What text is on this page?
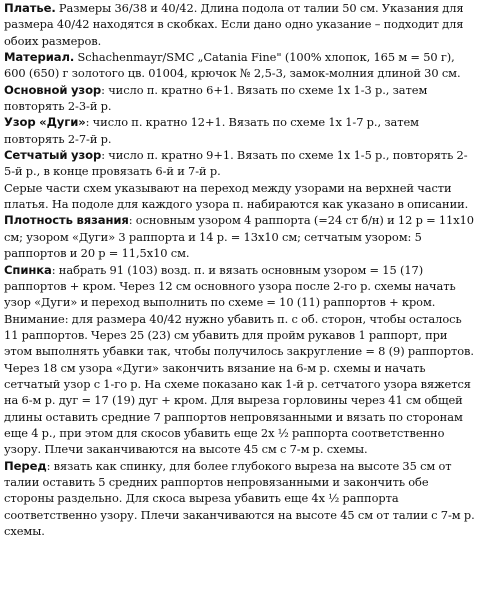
Платье. Размеры 36/38 и 40/42. Длина подола от талии 50 см. Указания для размера 40/42 находятся в скобках. Если дано одно указание – подходит для обоих размеров.

Материал. Schachenmayr/SMC „Catania Fine" (100% хлопок, 165 м = 50 г), 600 (650) г золотого цв. 01004, крючок № 2,5-3, замок-молния длиной 30 см.

Основной узор: число п. кратно 6+1. Вязать по схеме 1х 1-3 р., затем повторять 2-3-й р.

Узор «Дуги»: число п. кратно 12+1. Вязать по схеме 1х 1-7 р., затем повторять 2-7-й р.

Сетчатый узор: число п. кратно 9+1. Вязать по схеме 1х 1-5 р., повторять 2-5-й р., в конце провязать 6-й и 7-й р.

Серые части схем указывают на переход между узорами на верхней части платья. На подоле для каждого узора п. набираются как указано в описании.

Плотность вязания: основным узором 4 раппорта (=24 ст б/н) и 12 р = 11х10 см; узором «Дуги» 3 раппорта и 14 р. = 13х10 см; сетчатым узором: 5 раппортов и 20 р = 11,5х10 см.

Спинка: набрать 91 (103) возд. п. и вязать основным узором = 15 (17) раппортов + кром. Через 12 см основного узора после 2-го р. схемы начать узор «Дуги» и переход выполнить по схеме = 10 (11) раппортов + кром. Внимание: для размера 40/42 нужно убавить п. с об. сторон, чтобы осталось 11 раппортов. Через 25 (23) см убавить для пройм рукавов 1 раппорт, при этом выполнять убавки так, чтобы получилось закругление = 8 (9) раппортов. Через 18 см узора «Дуги» закончить вязание на 6-м р. схемы и начать сетчатый узор с 1-го р. На схеме показано как 1-й р. сетчатого узора вяжется на 6-м р. дуг = 17 (19) дуг + кром. Для выреза горловины через 41 см общей длины оставить средние 7 раппортов непровязанными и вязать по сторонам еще 4 р., при этом для скосов убавить еще 2х ½ раппорта соответственно узору. Плечи заканчиваются на высоте 45 см с 7-м р. схемы.

Перед: вязать как спинку, для более глубокого выреза на высоте 35 см от талии оставить 5 средних раппортов непровязанными и закончить обе стороны раздельно. Для скоса выреза убавить еще 4х ½ раппорта соответственно узору. Плечи заканчиваются на высоте 45 см от талии с 7-м р. схемы.
